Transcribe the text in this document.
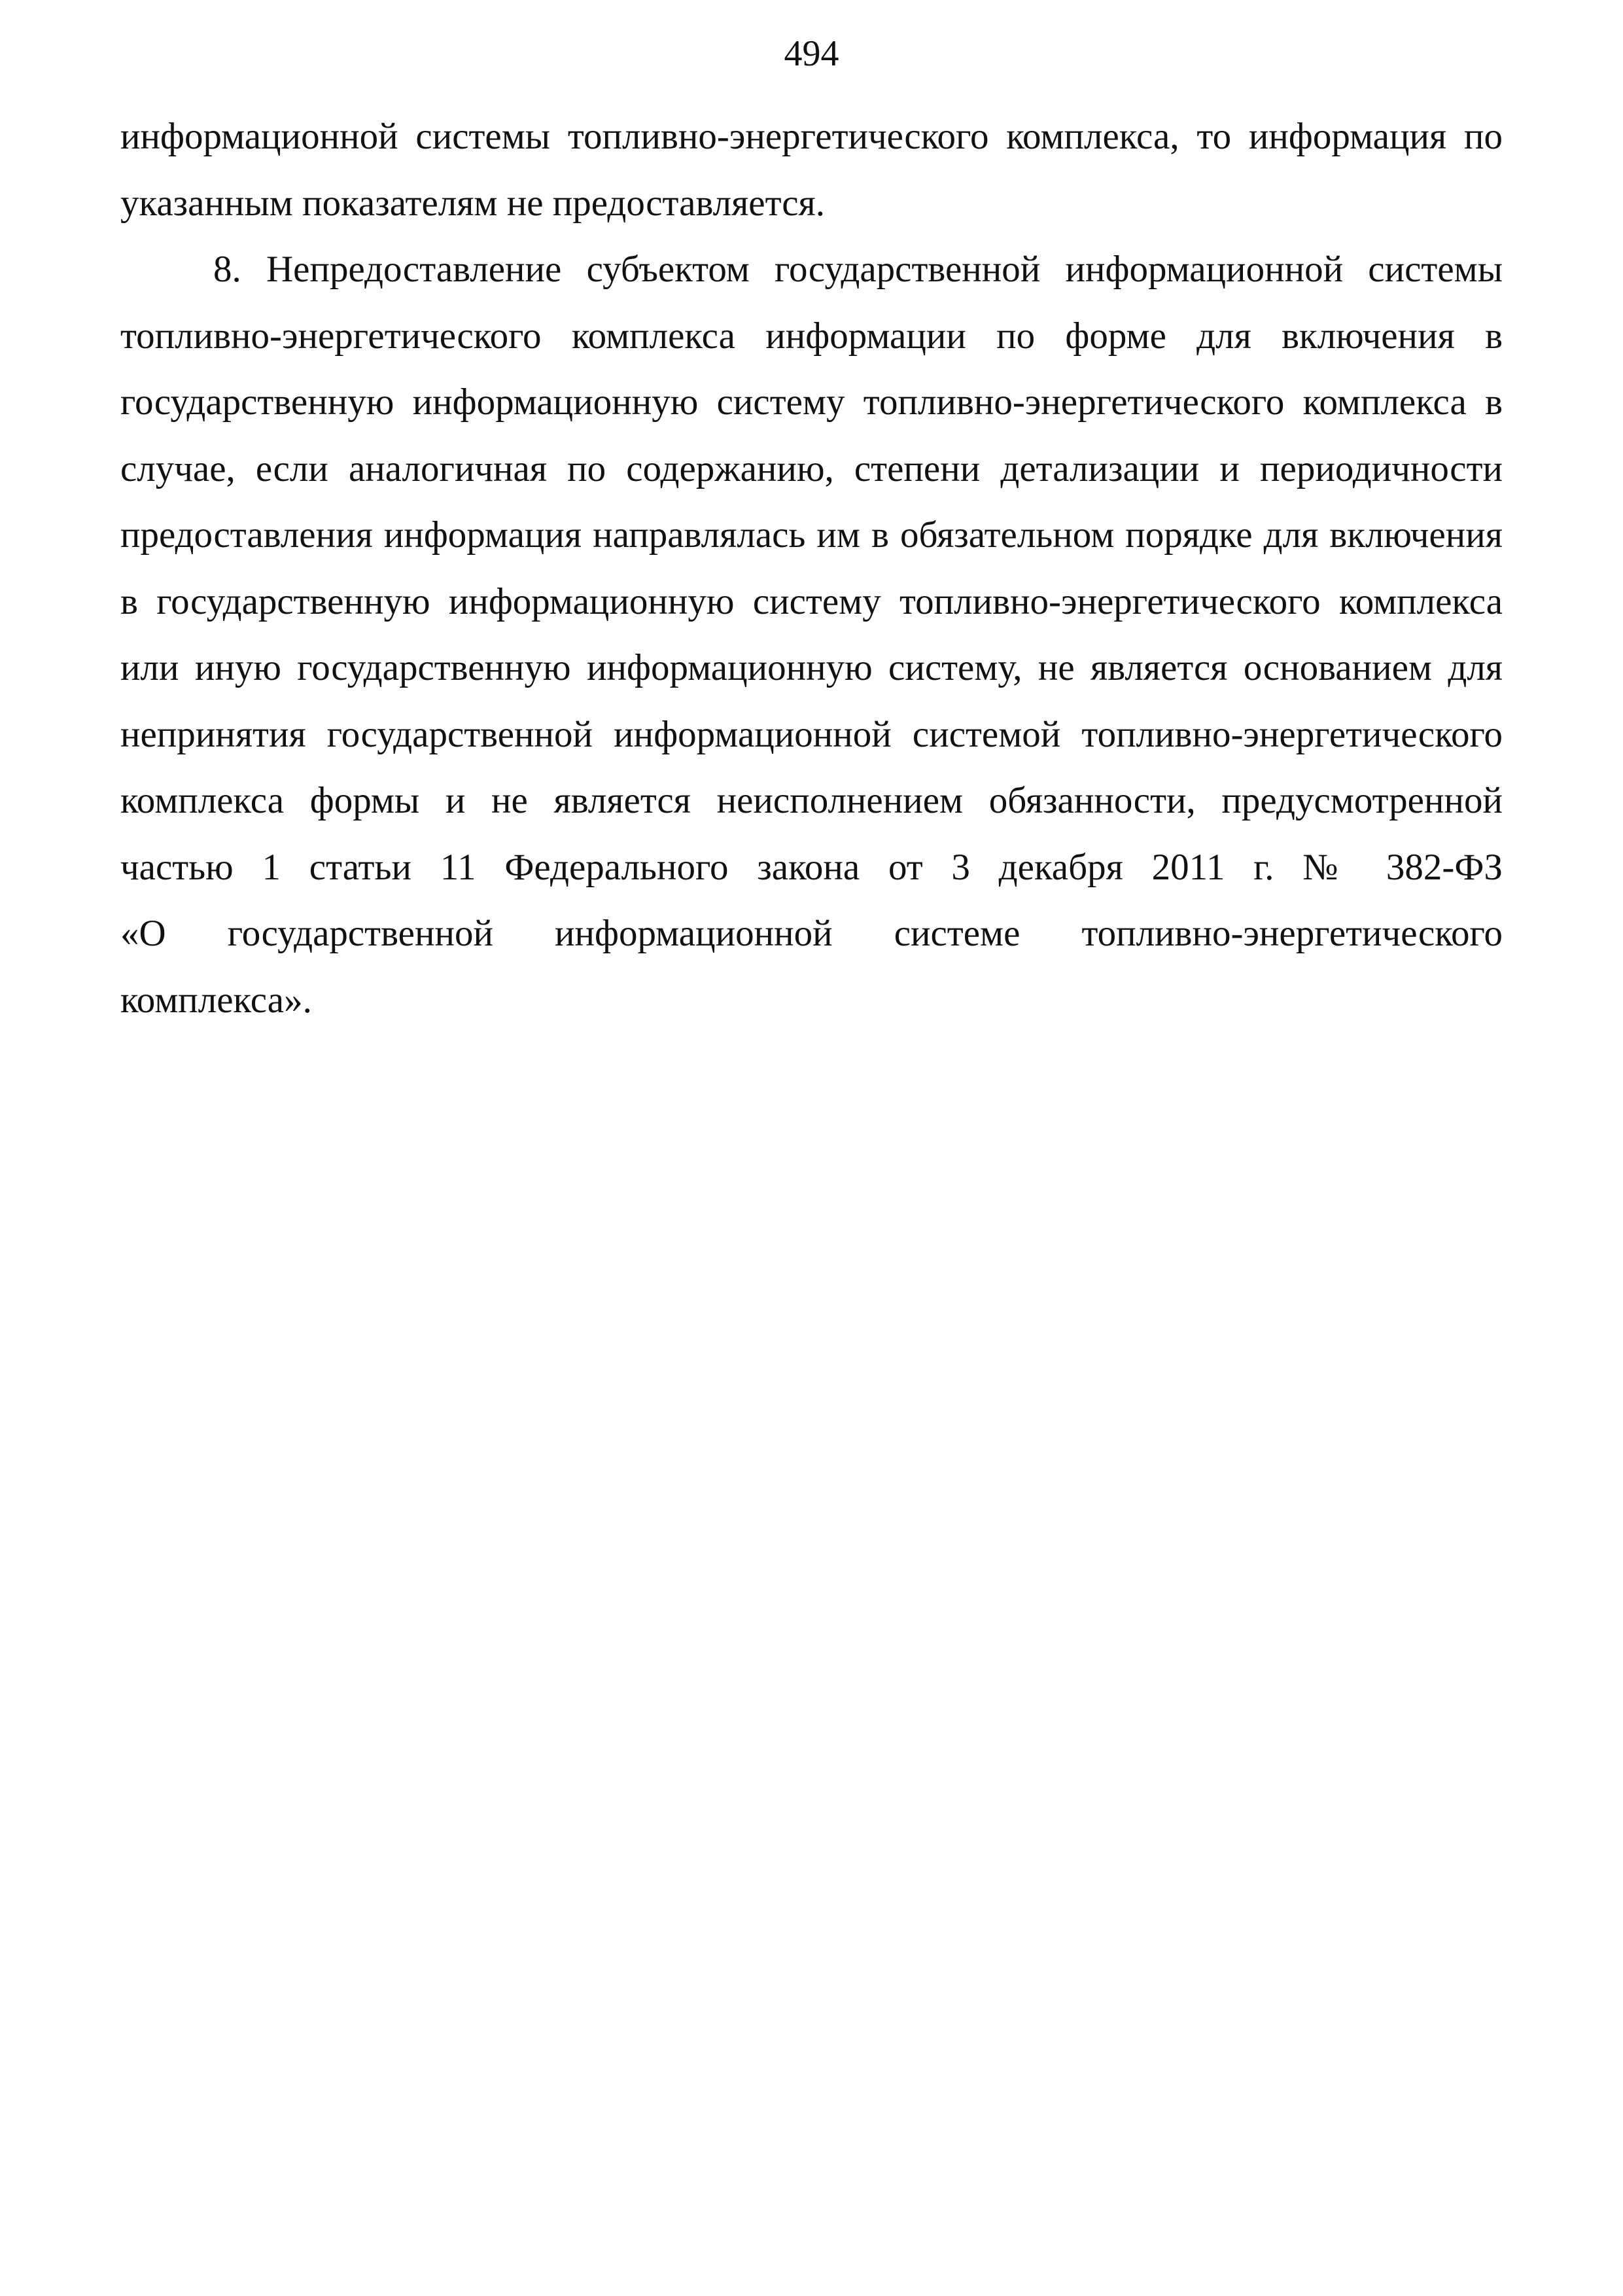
494

информационной системы топливно-энергетического комплекса, то информация по
указанным показателям не предоставляется.

8. Непредоставление субъектом государственной информационной системы
топливно-энергетического комплекса информации по форме для включения в
государственную информационную систему топливно-энергетического комплекса в
случае, если аналогичная по содержанию, степени детализации и периодичности
предоставления информация направлялась им в обязательном порядке для включения
в государственную информационную систему топливно-энергетического комплекса
или иную государственную информационную систему, не является основанием для
непринятия государственной информационной системой топливно-энергетического
комплекса формы и не является неисполнением обязанности, предусмотренной
частью 1 статьи 11 Федерального закона от 3 декабря 2011 г. № 382-ФЗ
«О государственной информационной системе топливно-энергетического
комплекса».
